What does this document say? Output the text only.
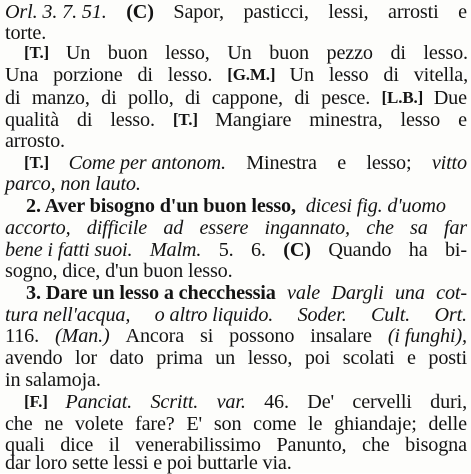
Orl. 3. 7. 51. (C) Sapor, pasticci, lessi, arrosti e
torte.
[T.] Un buon lesso, Un buon pezzo di lesso.
Una porzione di lesso. [G.M.] Un lesso di vitella,
di manzo, di pollo, di cappone, di pesce. [L.B.] Due
qualità di lesso. [T.] Mangiare minestra, lesso e
arrosto.
[T.] Come per antonom. Minestra e lesso; vitto
parco, non lauto.
2. Aver bisogno d'un buon lesso,  dicesi fig. d'uomo
accorto, difficile ad essere ingannato, che sa far
bene i fatti suoi. Malm. 5. 6. (C) Quando ha bi-
sogno, dice, d'un buon lesso.
3. Dare un lesso a checchessia vale Dargli una cot-
tura nell'acqua, o altro liquido. Soder. Cult. Ort.
116. (Man.) Ancora si possono insalare (i funghi),
avendo lor dato prima un lesso, poi scolati e posti
in salamoja.
[F.] Panciat. Scritt. var. 46. De' cervelli duri,
che ne volete fare? E' son come le ghiandaje; delle
quali dice il venerabilissimo Panunto, che bisogna
dar loro sette lessi e poi buttarle via.
